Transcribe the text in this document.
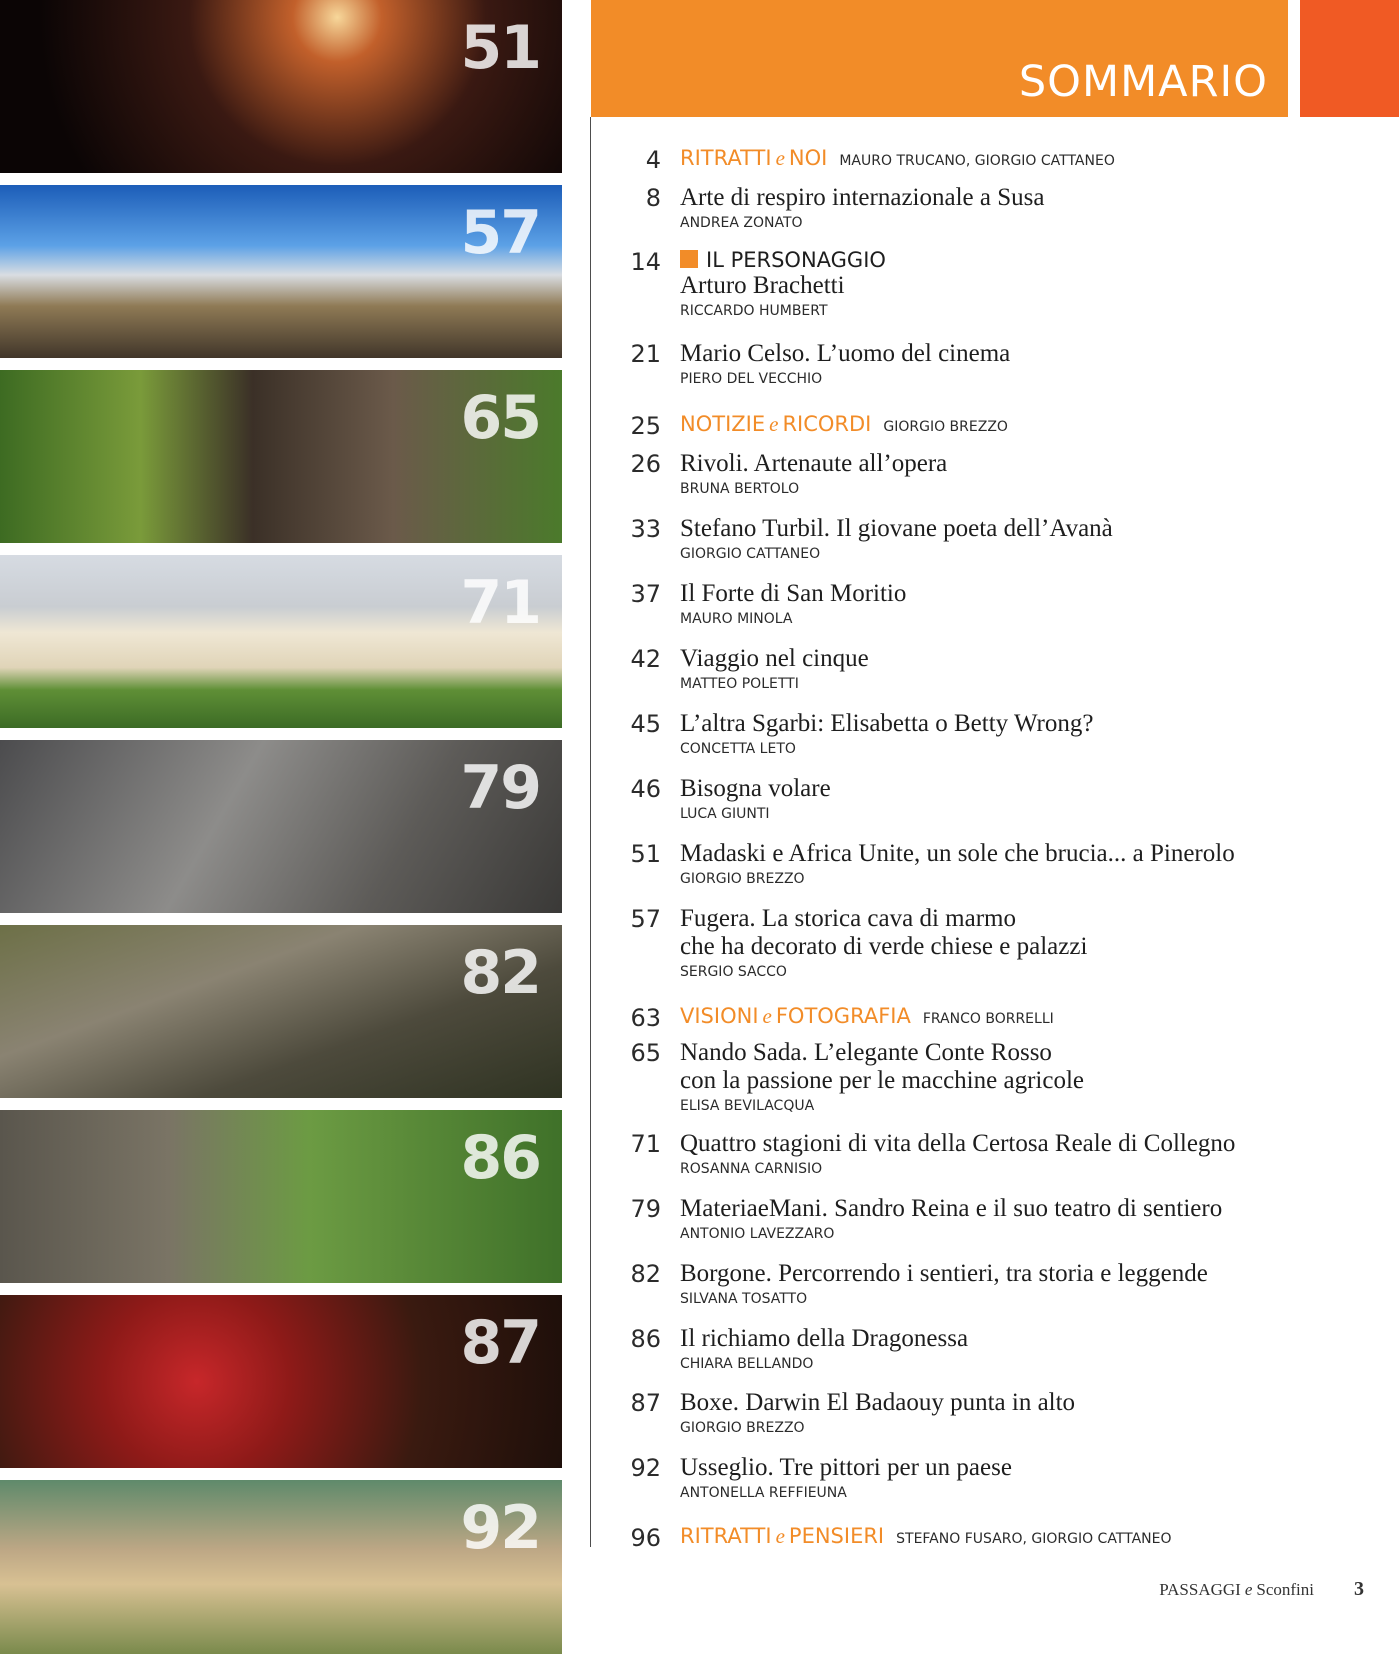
51
57
65
71
79
82
86
87
92
SOMMARIO
4 RITRATTI e NOI MAURO TRUCANO, GIORGIO CATTANEO
8 Arte di respiro internazionale a Susa
ANDREA ZONATO
14	IL PERSONAGGIO
Arturo Brachetti
RICCARDO HUMBERT
21 Mario Celso. L’uomo del cinema
PIERO DEL VECCHIO
25 NOTIZIE e RICORDI GIORGIO BREZZO
26 Rivoli. Artenaute all’opera
BRUNA BERTOLO
33 Stefano Turbil. Il giovane poeta dell’Avanà
GIORGIO CATTANEO
37 Il Forte di San Moritio
MAURO MINOLA
42 Viaggio nel cinque
MATTEO POLETTI
45 L’altra Sgarbi: Elisabetta o Betty Wrong?
CONCETTA LETO
46 Bisogna volare
LUCA GIUNTI
51 Madaski e Africa Unite, un sole che brucia... a Pinerolo
GIORGIO BREZZO
57 Fugera. La storica cava di marmo
che ha decorato di verde chiese e palazzi
SERGIO SACCO
63 VISIONI e FOTOGRAFIA FRANCO BORRELLI
65 Nando Sada. L’elegante Conte Rosso
con la passione per le macchine agricole
ELISA BEVILACQUA
71 Quattro stagioni di vita della Certosa Reale di Collegno
ROSANNA CARNISIO
79 MateriaeMani. Sandro Reina e il suo teatro di sentiero
ANTONIO LAVEZZARO
82 Borgone. Percorrendo i sentieri, tra storia e leggende
SILVANA TOSATTO
86 Il richiamo della Dragonessa
CHIARA BELLANDO
87 Boxe. Darwin El Badaouy punta in alto
GIORGIO BREZZO
92 Usseglio. Tre pittori per un paese
ANTONELLA REFFIEUNA
96 RITRATTI e PENSIERI STEFANO FUSARO, GIORGIO CATTANEO
PASSAGGI e Sconfini 3
